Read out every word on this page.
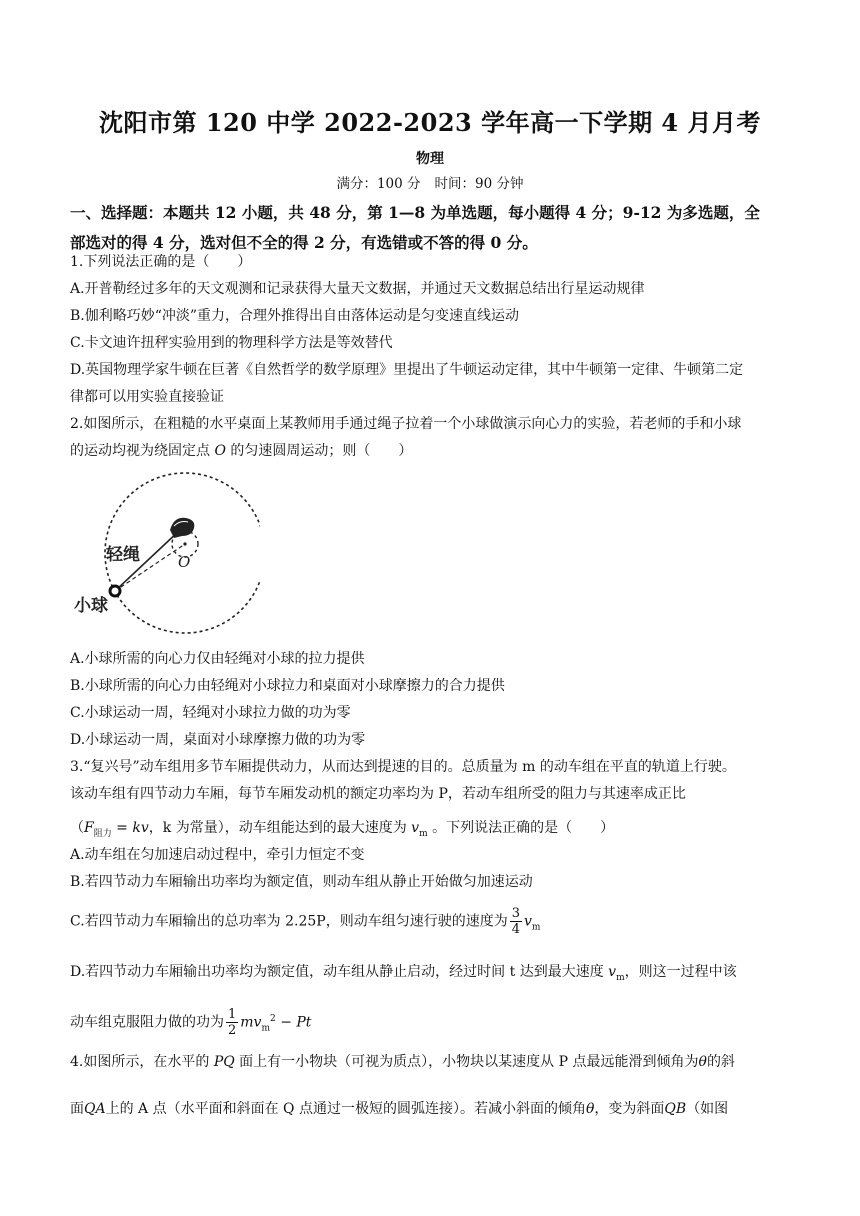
沈阳市第 120 中学 2022-2023 学年高一下学期 4 月月考
物理
满分：100 分 时间：90 分钟
一、选择题：本题共 12 小题，共 48 分，第 1—8 为单选题，每小题得 4 分；9-12 为多选题，全
部选对的得 4 分，选对但不全的得 2 分，有选错或不答的得 0 分。
1.下列说法正确的是（　　）
A.开普勒经过多年的天文观测和记录获得大量天文数据，并通过天文数据总结出行星运动规律
B.伽利略巧妙“冲淡”重力，合理外推得出自由落体运动是匀变速直线运动
C.卡文迪许扭秤实验用到的物理科学方法是等效替代
D.英国物理学家牛顿在巨著《自然哲学的数学原理》里提出了牛顿运动定律，其中牛顿第一定律、牛顿第二定
律都可以用实验直接验证
2.如图所示，在粗糙的水平桌面上某教师用手通过绳子拉着一个小球做演示向心力的实验，若老师的手和小球
的运动均视为绕固定点 O 的匀速圆周运动；则（　　）
轻绳	O
小球
A.小球所需的向心力仅由轻绳对小球的拉力提供
B.小球所需的向心力由轻绳对小球拉力和桌面对小球摩擦力的合力提供
C.小球运动一周，轻绳对小球拉力做的功为零
D.小球运动一周，桌面对小球摩擦力做的功为零
3.“复兴号”动车组用多节车厢提供动力，从而达到提速的目的。总质量为 m 的动车组在平直的轨道上行驶。
该动车组有四节动力车厢，每节车厢发动机的额定功率均为 P，若动车组所受的阻力与其速率成正比
（$F_{阻力}$ = kv，k 为常量），动车组能达到的最大速度为 $v_m$ 。下列说法正确的是（　　）
A.动车组在匀加速启动过程中，牵引力恒定不变
B.若四节动力车厢输出功率均为额定值，则动车组从静止开始做匀加速运动
C.若四节动力车厢输出的总功率为 2.25P，则动车组匀速行驶的速度为 $\frac{3}{4} v_m$
D.若四节动力车厢输出功率均为额定值，动车组从静止启动，经过时间 t 达到最大速度 $v_m$，则这一过程中该
动车组克服阻力做的功为 $\frac{1}{2} mv_m^2 - Pt$
4.如图所示，在水平的 PQ 面上有一小物块（可视为质点），小物块以某速度从 P 点最远能滑到倾角为θ的斜
面QA上的 A 点（水平面和斜面在 Q 点通过一极短的圆弧连接）。若减小斜面的倾角θ，变为斜面QB（如图
